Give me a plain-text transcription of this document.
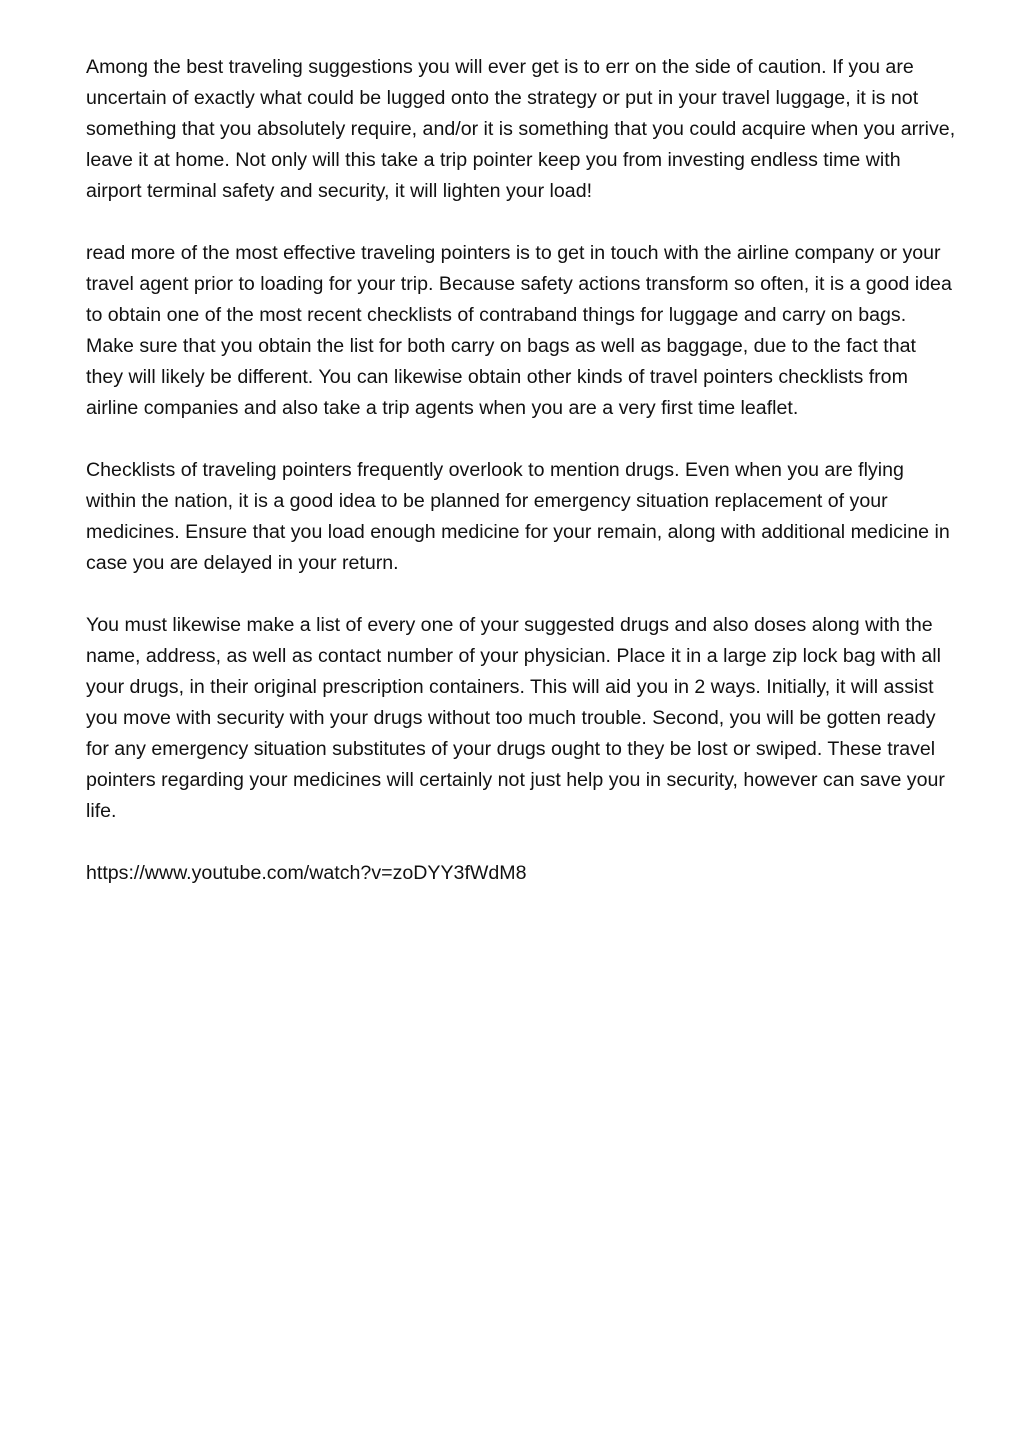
Among the best traveling suggestions you will ever get is to err on the side of caution. If you are uncertain of exactly what could be lugged onto the strategy or put in your travel luggage, it is not something that you absolutely require, and/or it is something that you could acquire when you arrive, leave it at home. Not only will this take a trip pointer keep you from investing endless time with airport terminal safety and security, it will lighten your load!

read more of the most effective traveling pointers is to get in touch with the airline company or your travel agent prior to loading for your trip. Because safety actions transform so often, it is a good idea to obtain one of the most recent checklists of contraband things for luggage and carry on bags. Make sure that you obtain the list for both carry on bags as well as baggage, due to the fact that they will likely be different. You can likewise obtain other kinds of travel pointers checklists from airline companies and also take a trip agents when you are a very first time leaflet.

Checklists of traveling pointers frequently overlook to mention drugs. Even when you are flying within the nation, it is a good idea to be planned for emergency situation replacement of your medicines. Ensure that you load enough medicine for your remain, along with additional medicine in case you are delayed in your return.

You must likewise make a list of every one of your suggested drugs and also doses along with the name, address, as well as contact number of your physician. Place it in a large zip lock bag with all your drugs, in their original prescription containers. This will aid you in 2 ways. Initially, it will assist you move with security with your drugs without too much trouble. Second, you will be gotten ready for any emergency situation substitutes of your drugs ought to they be lost or swiped. These travel pointers regarding your medicines will certainly not just help you in security, however can save your life.

https://www.youtube.com/watch?v=zoDYY3fWdM8
